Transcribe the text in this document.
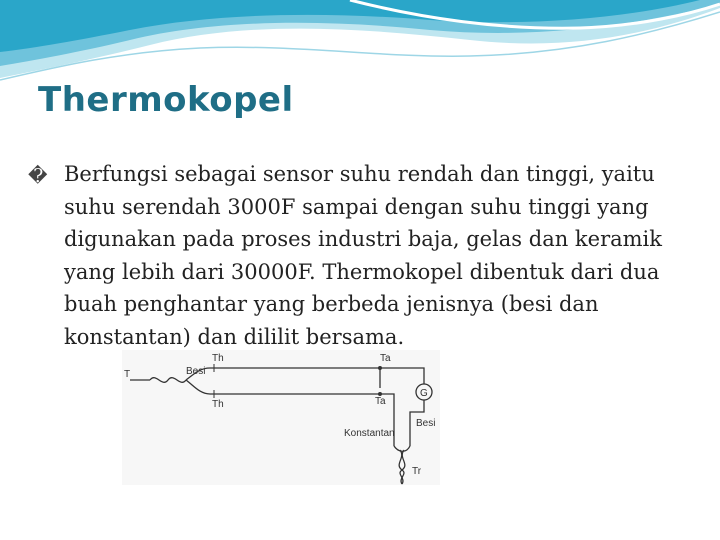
Thermokopel
� Berfungsi sebagai sensor suhu rendah dan tinggi, yaitu suhu serendah 3000F sampai dengan suhu tinggi yang digunakan pada proses industri baja, gelas dan keramik yang lebih dari 30000F. Thermokopel dibentuk dari dua buah penghantar yang berbeda jenisnya (besi dan konstantan) dan dililit bersama.

T
Th
Th
Besi
Ta
Ta
G
Besi
Konstantan
Tr
